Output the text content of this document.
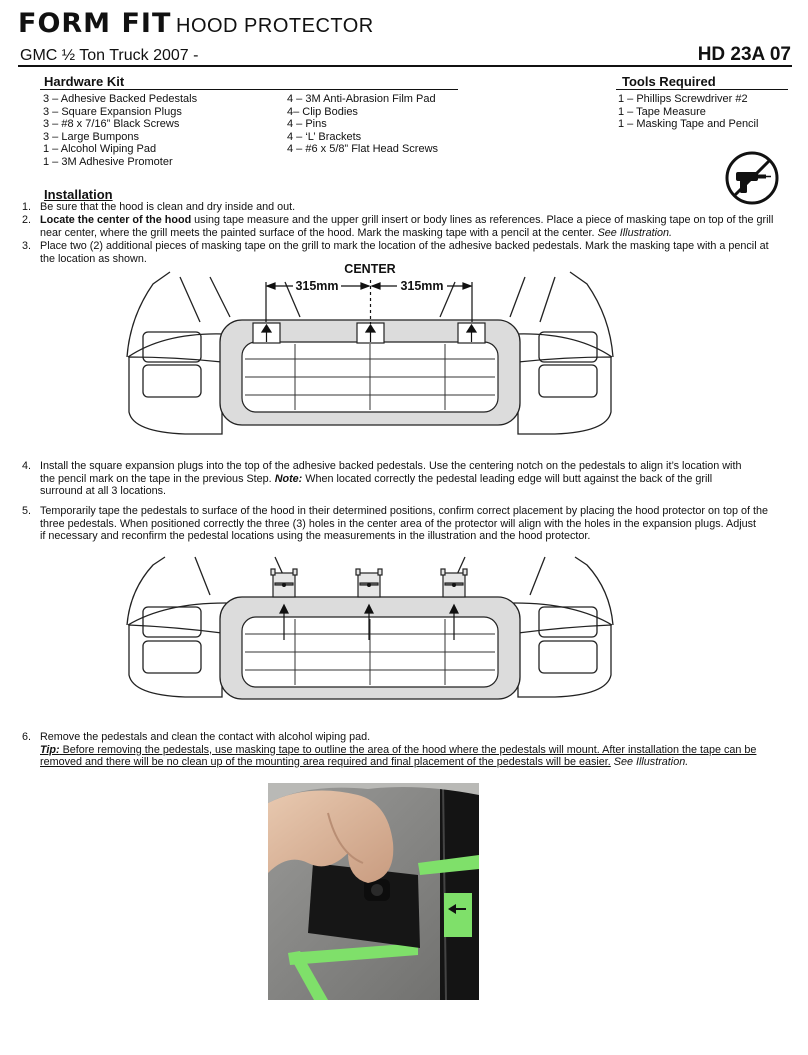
FORM FIT HOOD PROTECTOR
GMC ½ Ton Truck 2007 -	HD 23A 07
Hardware Kit
3 – Adhesive Backed Pedestals
3 – Square Expansion Plugs
3 – #8 x 7/16” Black Screws
3 – Large Bumpons
1 – Alcohol Wiping Pad
1 – 3M Adhesive Promoter
4 – 3M Anti-Abrasion Film Pad
4– Clip Bodies
4 – Pins
4 – ‘L’ Brackets
4 – #6 x 5/8” Flat Head Screws
Tools Required
1 – Phillips Screwdriver #2
1 – Tape Measure
1 – Masking Tape and Pencil
Installation
1. Be sure that the hood is clean and dry inside and out.
2. Locate the center of the hood using tape measure and the upper grill insert or body lines as references. Place a piece of masking tape on top of the grill
near center, where the grill meets the painted surface of the hood. Mark the masking tape with a pencil at the center. See Illustration.
3. Place two (2) additional pieces of masking tape on the grill to mark the location of the adhesive backed pedestals. Mark the masking tape with a pencil at
the location as shown.
CENTER
315mm	315mm
4. Install the square expansion plugs into the top of the adhesive backed pedestals. Use the centering notch on the pedestals to align it’s location with
the pencil mark on the tape in the previous Step. Note: When located correctly the pedestal leading edge will butt against the back of the grill
surround at all 3 locations.
5. Temporarily tape the pedestals to surface of the hood in their determined positions, confirm correct placement by placing the hood protector on top of the
three pedestals. When positioned correctly the three (3) holes in the center area of the protector will align with the holes in the expansion plugs. Adjust
if necessary and reconfirm the pedestal locations using the measurements in the illustration and the hood protector.
6. Remove the pedestals and clean the contact with alcohol wiping pad.
Tip: Before removing the pedestals, use masking tape to outline the area of the hood where the pedestals will mount. After installation the tape can be
removed and there will be no clean up of the mounting area required and final placement of the pedestals will be easier. See Illustration.
